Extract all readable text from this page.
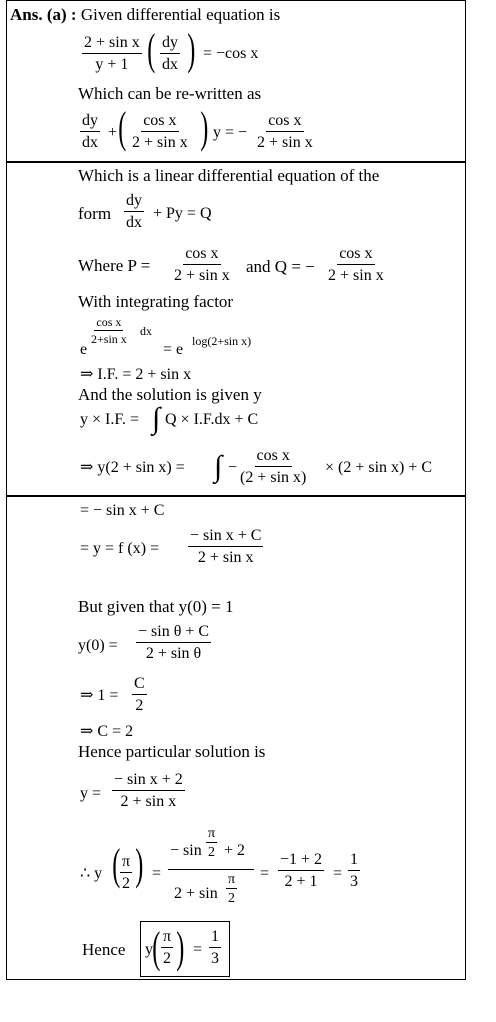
Ans. (a) : Given differential equation is
$\frac{\text{2 + sin x}}{y + 1}$ ( $\frac{dy}{dx}$ ) = −cos x
Which can be re-written as
$\frac{dy}{dx}$ + ( $\frac{\text{cos x}}{\text{2 + sin x}}$ ) y = − $\frac{\text{cos x}}{\text{2 + sin x}}$
Which is a linear differential equation of the
form $\frac{dy}{dx} + Py = Q$
Where $P = \frac{\text{cos x}}{\text{2 + sin x}}$ and Q = − $\frac{\text{cos x}}{\text{2 + sin x}}$
With integrating factor
e
$\frac{\text{cos x}}{\text{2+sin x}}$ dx
= e log(2+sin x)
⇒ I.F. = 2 + sin x
And the solution is given y
y × I.F. = ∫ Q × I.F.dx + C
⇒ y(2 + sin x) = ∫ − $\frac{\text{cos x}}{\text{(2 + sin x)}} \times (2 + \sin x) + C$
= − sin x + C
= y = f $(x) = \frac{\text{− sin x + C}}{\text{2 + sin x}}$
But given that y(0) = 1
$y(0) = \frac{\text{− sin θ + C}}{\text{2 + sin θ}}$
⇒ $1 = \frac{C}{2}$
⇒ C = 2
Hence particular solution is
$y = \frac{\text{− sin x + 2}}{\text{2 + sin x}}$
∴ y ( $\frac{\pi}{2}$ ) =
− $\sin \frac{\pi}{2} + 2$
$2 + \sin \frac{\pi}{2} = \frac{-1 + 2}{2 + 1} = \frac{1}{3}$
Hence y ( $\frac{\pi}{2}$ ) = $\frac{1}{3}$
